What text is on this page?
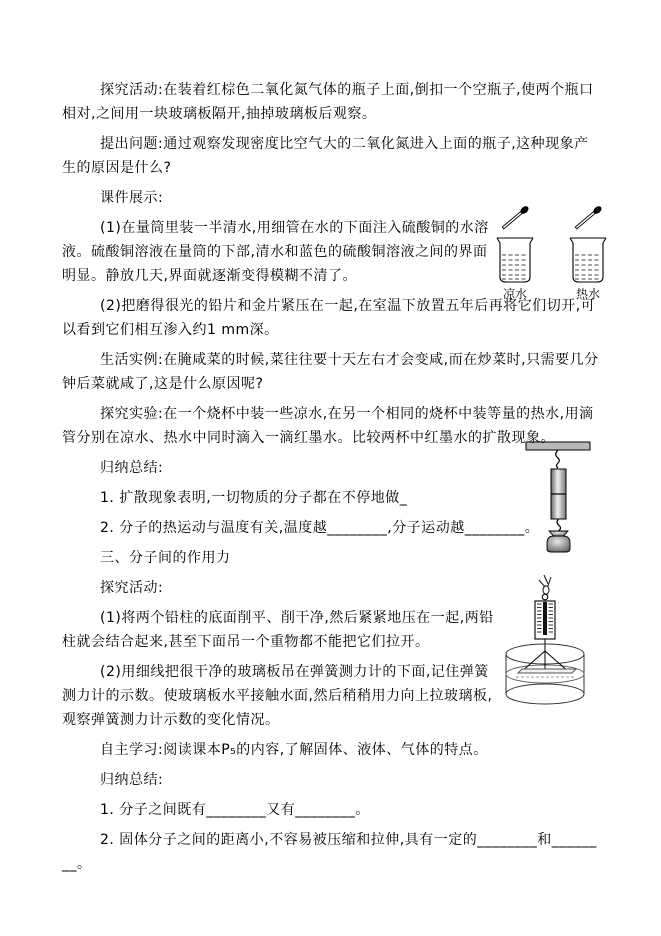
凉水	热水

探究活动:在装着红棕色二氧化氮气体的瓶子上面,倒扣一个空瓶子,使两个瓶口相对,之间用一块玻璃板隔开,抽掉玻璃板后观察。

提出问题:通过观察发现密度比空气大的二氧化氮进入上面的瓶子,这种现象产生的原因是什么?

课件展示:

(1)在量筒里装一半清水,用细管在水的下面注入硫酸铜的水溶液。硫酸铜溶液在量筒的下部,清水和蓝色的硫酸铜溶液之间的界面明显。静放几天,界面就逐渐变得模糊不清了。

(2)把磨得很光的铅片和金片紧压在一起,在室温下放置五年后再将它们切开,可以看到它们相互渗入约1 mm深。

生活实例:在腌咸菜的时候,菜往往要十天左右才会变咸,而在炒菜时,只需要几分钟后菜就咸了,这是什么原因呢?

探究实验:在一个烧杯中装一些凉水,在另一个相同的烧杯中装等量的热水,用滴管分别在凉水、热水中同时滴入一滴红墨水。比较两杯中红墨水的扩散现象。

归纳总结:

1. 扩散现象表明,一切物质的分子都在不停地做_

2. 分子的热运动与温度有关,温度越________,分子运动越________。

三、分子间的作用力

探究活动:

(1)将两个铅柱的底面削平、削干净,然后紧紧地压在一起,两铅柱就会结合起来,甚至下面吊一个重物都不能把它们拉开。

(2)用细线把很干净的玻璃板吊在弹簧测力计的下面,记住弹簧测力计的示数。使玻璃板水平接触水面,然后稍稍用力向上拉玻璃板,观察弹簧测力计示数的变化情况。

自主学习:阅读课本P₅的内容,了解固体、液体、气体的特点。

归纳总结:

1. 分子之间既有________又有________。

2. 固体分子之间的距离小,不容易被压缩和拉伸,具有一定的________和________。
